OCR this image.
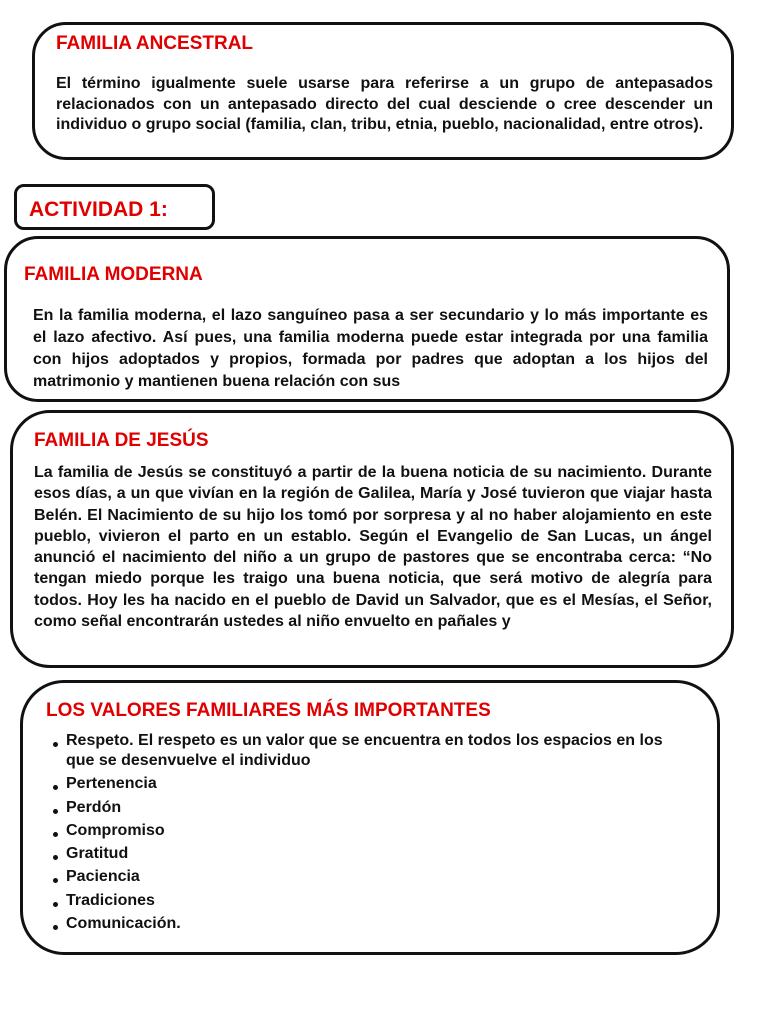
FAMILIA ANCESTRAL
El término igualmente suele usarse para referirse a un grupo de antepasados relacionados con un antepasado directo del cual desciende o cree descender un individuo o grupo social (familia, clan, tribu, etnia, pueblo, nacionalidad, entre otros).
ACTIVIDAD 1:
FAMILIA MODERNA
En la familia moderna, el lazo sanguíneo pasa a ser secundario y lo más importante es el lazo afectivo. Así pues, una familia moderna puede estar integrada por una familia con hijos adoptados y propios, formada por padres que adoptan a los hijos del matrimonio y mantienen buena relación con sus
FAMILIA DE JESÚS
La familia de Jesús se constituyó a partir de la buena noticia de su nacimiento. Durante esos días, a un que vivían en la región de Galilea, María y José tuvieron que viajar hasta Belén. El Nacimiento de su hijo los tomó por sorpresa y al no haber alojamiento en este pueblo, vivieron el parto en un establo. Según el Evangelio de San Lucas, un ángel anunció el nacimiento del niño a un grupo de pastores que se encontraba cerca: “No tengan miedo porque les traigo una buena noticia, que será motivo de alegría para todos. Hoy les ha nacido en el pueblo de David un Salvador, que es el Mesías, el Señor, como señal encontrarán ustedes al niño envuelto en pañales y
LOS VALORES FAMILIARES MÁS IMPORTANTES
Respeto. El respeto es un valor que se encuentra en todos los espacios en los que se desenvuelve el individuo
Pertenencia
Perdón
Compromiso
Gratitud
Paciencia
Tradiciones
Comunicación.
